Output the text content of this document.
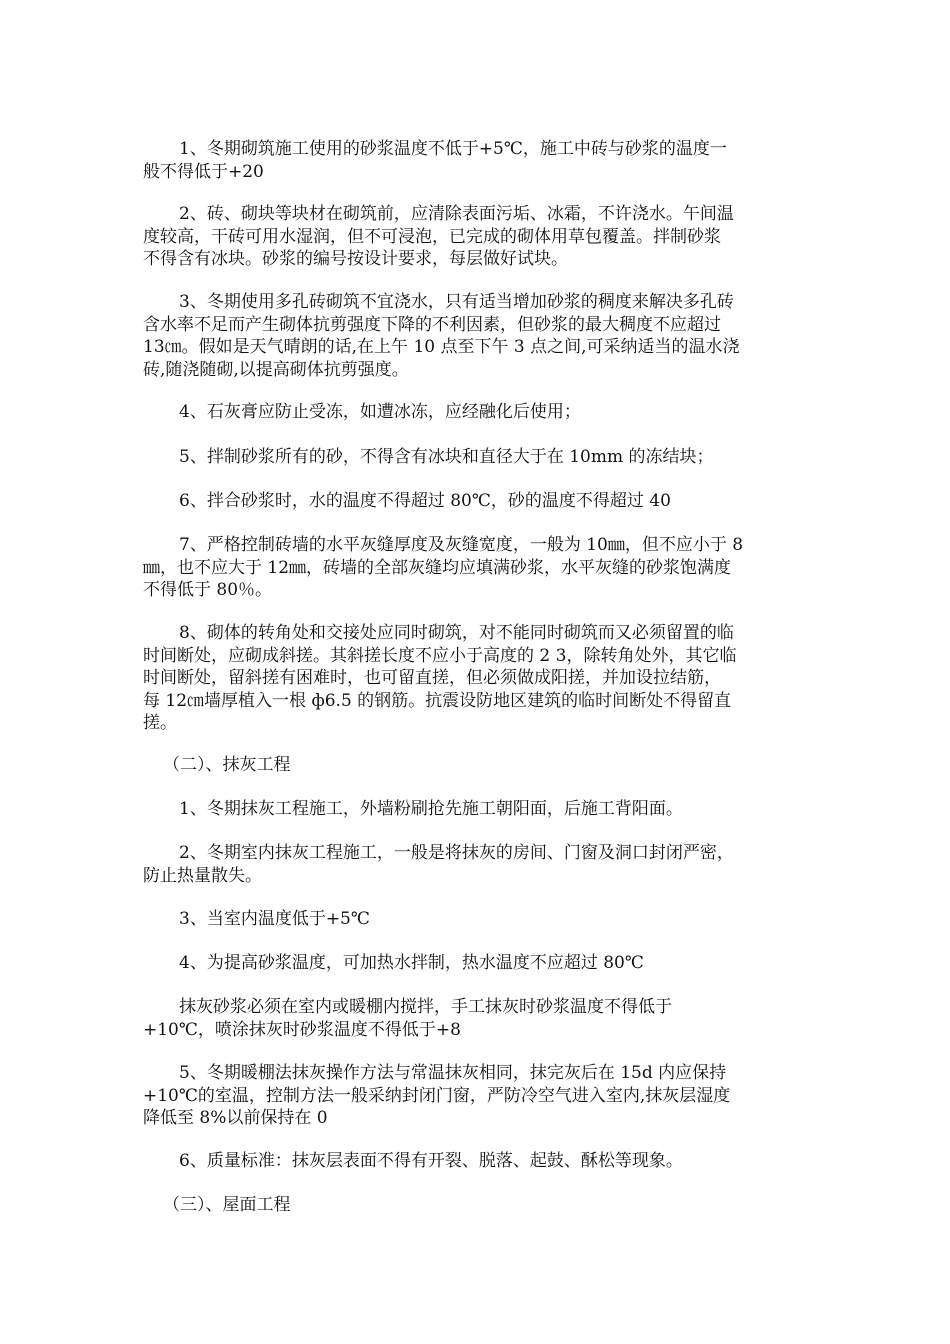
1、冬期砌筑施工使用的砂浆温度不低于+5℃，施工中砖与砂浆的温度一
般不得低于+20
2、砖、砌块等块材在砌筑前，应清除表面污垢、冰霜，不许浇水。午间温
度较高，干砖可用水湿润，但不可浸泡，已完成的砌体用草包覆盖。拌制砂浆
不得含有冰块。砂浆的编号按设计要求，每层做好试块。
3、冬期使用多孔砖砌筑不宜浇水，只有适当增加砂浆的稠度来解决多孔砖
含水率不足而产生砌体抗剪强度下降的不利因素，但砂浆的最大稠度不应超过
13㎝。假如是天气晴朗的话,在上午 10 点至下午 3 点之间,可采纳适当的温水浇
砖,随浇随砌,以提高砌体抗剪强度。
4、石灰膏应防止受冻，如遭冰冻，应经融化后使用；
5、拌制砂浆所有的砂，不得含有冰块和直径大于在 10mm 的冻结块；
6、拌合砂浆时，水的温度不得超过 80℃，砂的温度不得超过 40
7、严格控制砖墙的水平灰缝厚度及灰缝宽度，一般为 10㎜，但不应小于 8
㎜，也不应大于 12㎜，砖墙的全部灰缝均应填满砂浆，水平灰缝的砂浆饱满度
不得低于 80％。
8、砌体的转角处和交接处应同时砌筑，对不能同时砌筑而又必须留置的临
时间断处，应砌成斜搓。其斜搓长度不应小于高度的 2 3，除转角处外，其它临
时间断处，留斜搓有困难时，也可留直搓，但必须做成阳搓，并加设拉结筋，
每 12㎝墙厚植入一根 ф6.5 的钢筋。抗震设防地区建筑的临时间断处不得留直
搓。
（二）、抹灰工程
1、冬期抹灰工程施工，外墙粉刷抢先施工朝阳面，后施工背阳面。
2、冬期室内抹灰工程施工，一般是将抹灰的房间、门窗及洞口封闭严密，
防止热量散失。
3、当室内温度低于+5℃
4、为提高砂浆温度，可加热水拌制，热水温度不应超过 80℃
抹灰砂浆必须在室内或暖棚内搅拌，手工抹灰时砂浆温度不得低于
+10℃，喷涂抹灰时砂浆温度不得低于+8
5、冬期暖棚法抹灰操作方法与常温抹灰相同，抹完灰后在 15d 内应保持
+10℃的室温，控制方法一般采纳封闭门窗，严防冷空气进入室内,抹灰层湿度
降低至 8%以前保持在 0
6、质量标准：抹灰层表面不得有开裂、脱落、起鼓、酥松等现象。
（三）、屋面工程
